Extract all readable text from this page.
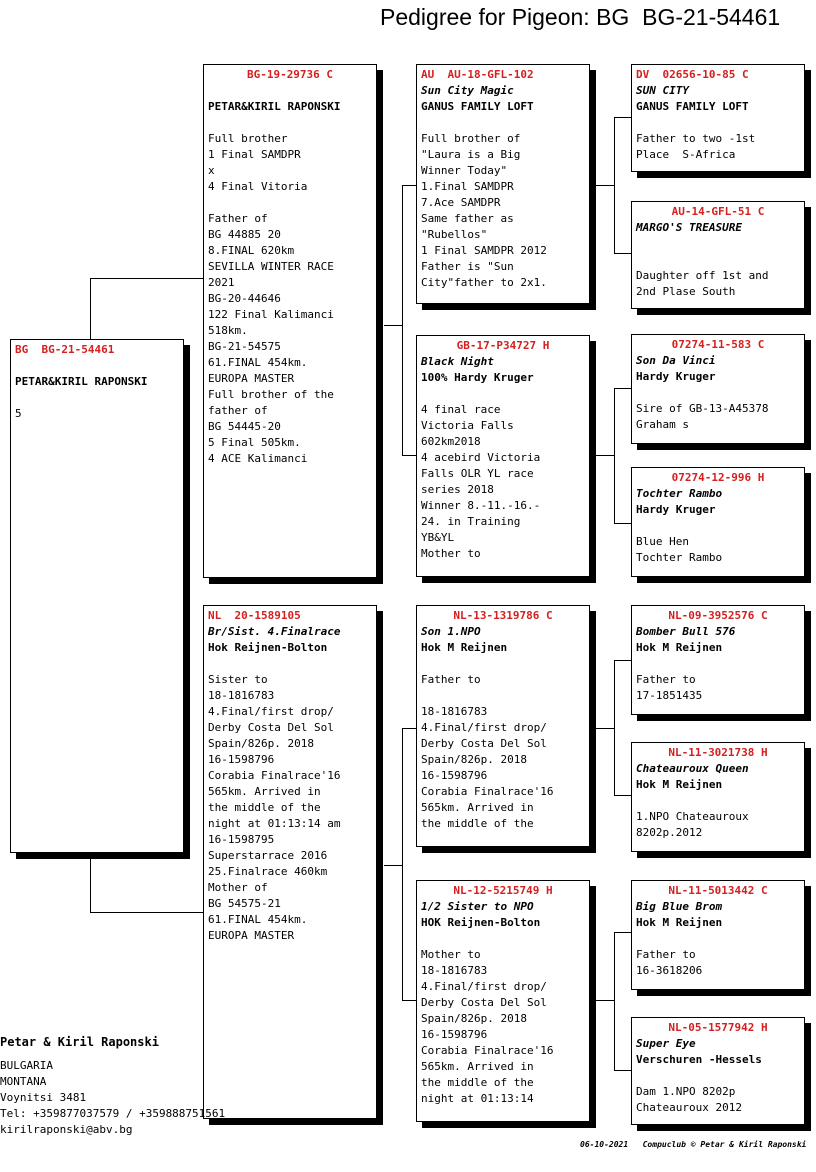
Pedigree for Pigeon: BG  BG-21-54461
BG  BG-21-54461
PETAR&KIRIL RAPONSKI
5
BG-19-29736 C
PETAR&KIRIL RAPONSKI
Full brother
1 Final SAMDPR
x
4 Final Vitoria
Father of
BG 44885 20
8.FINAL 620km
SEVILLA WINTER RACE
2021
BG-20-44646
122 Final Kalimanci
518km.
BG-21-54575
61.FINAL 454km.
EUROPA MASTER
Full brother of the
father of
BG 54445-20
5 Final 505km.
4 ACE Kalimanci
NL  20-1589105
Br/Sist. 4.Finalrace
Hok Reijnen-Bolton
Sister to
18-1816783
4.Final/first drop/
Derby Costa Del Sol
Spain/826p. 2018
16-1598796
Corabia Finalrace'16
565km. Arrived in
the middle of the
night at 01:13:14 am
16-1598795
Superstarrace 2016
25.Finalrace 460km
Mother of
BG 54575-21
61.FINAL 454km.
EUROPA MASTER
AU  AU-18-GFL-102
Sun City Magic
GANUS FAMILY LOFT
Full brother of
"Laura is a Big
Winner Today"
1.Final SAMDPR
7.Ace SAMDPR
Same father as
"Rubellos"
1 Final SAMDPR 2012
Father is "Sun
City"father to 2x1.
GB-17-P34727 H
Black Night
100% Hardy Kruger
4 final race
Victoria Falls
602km2018
4 acebird Victoria
Falls OLR YL race
series 2018
Winner 8.-11.-16.-
24. in Training
YB&YL
Mother to
NL-13-1319786 C
Son 1.NPO
Hok M Reijnen
Father to
18-1816783
4.Final/first drop/
Derby Costa Del Sol
Spain/826p. 2018
16-1598796
Corabia Finalrace'16
565km. Arrived in
the middle of the
NL-12-5215749 H
1/2 Sister to NPO
HOK Reijnen-Bolton
Mother to
18-1816783
4.Final/first drop/
Derby Costa Del Sol
Spain/826p. 2018
16-1598796
Corabia Finalrace'16
565km. Arrived in
the middle of the
night at 01:13:14
DV  02656-10-85 C
SUN CITY
GANUS FAMILY LOFT
Father to two -1st
Place  S-Africa
AU-14-GFL-51 C
MARGO'S TREASURE
Daughter off 1st and
2nd Plase South
07274-11-583 C
Son Da Vinci
Hardy Kruger
Sire of GB-13-A45378
Graham s
07274-12-996 H
Tochter Rambo
Hardy Kruger
Blue Hen
Tochter Rambo
NL-09-3952576 C
Bomber Bull 576
Hok M Reijnen
Father to
17-1851435
NL-11-3021738 H
Chateauroux Queen
Hok M Reijnen
1.NPO Chateauroux
8202p.2012
NL-11-5013442 C
Big Blue Brom
Hok M Reijnen
Father to
16-3618206
NL-05-1577942 H
Super Eye
Verschuren -Hessels
Dam 1.NPO 8202p
Chateauroux 2012
Petar & Kiril Raponski
BULGARIA
MONTANA
Voynitsi 3481
Tel: +359877037579 / +359888751561
kirilraponski@abv.bg
06-10-2021   Compuclub © Petar & Kiril Raponski
